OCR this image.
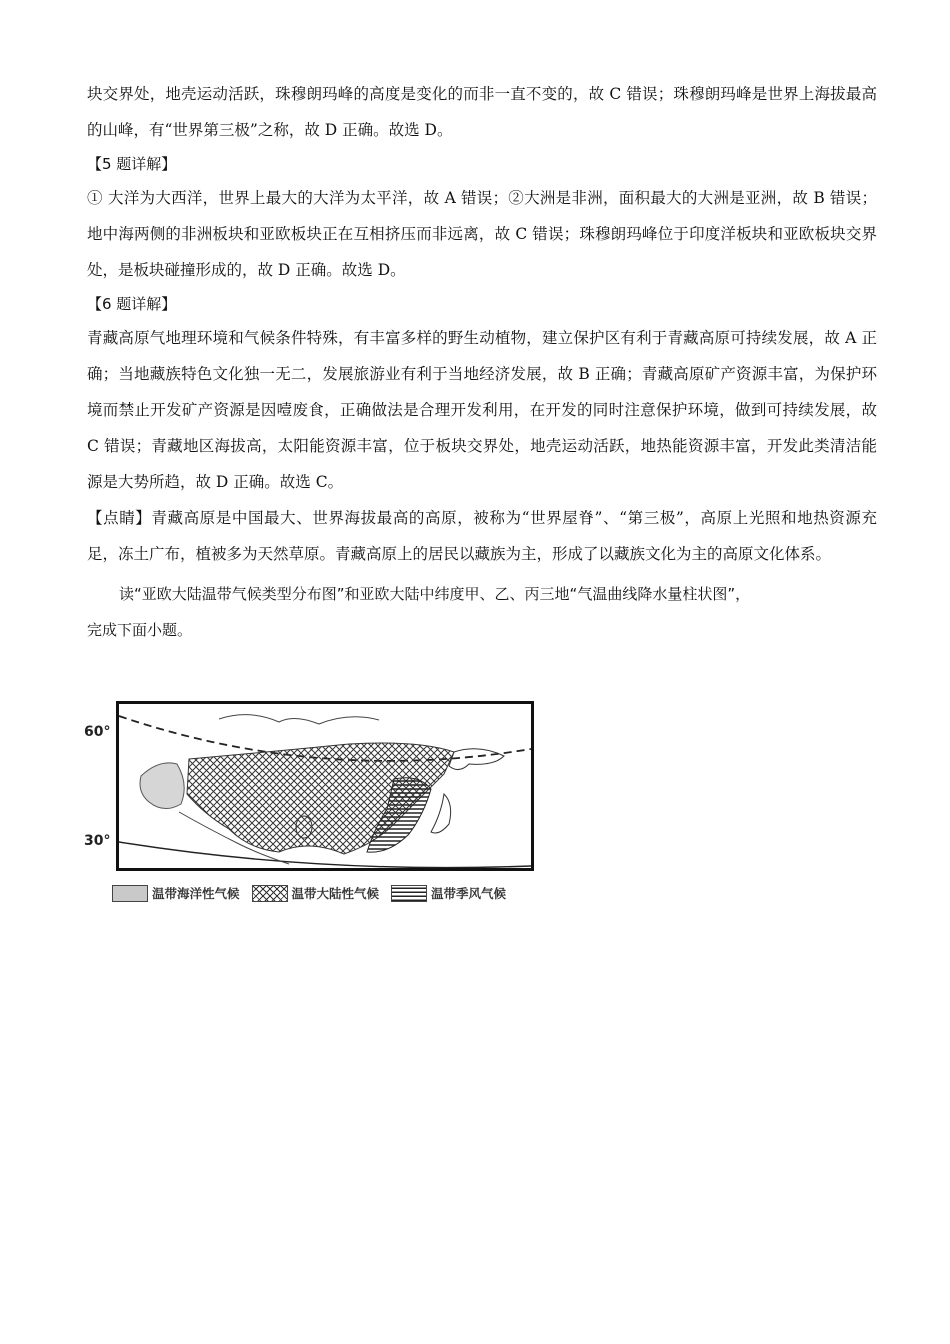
块交界处，地壳运动活跃，珠穆朗玛峰的高度是变化的而非一直不变的，故 C 错误；珠穆朗玛峰是世界上海拔最高的山峰，有“世界第三极”之称，故 D 正确。故选 D。

【5 题详解】

① 大洋为大西洋，世界上最大的大洋为太平洋，故 A 错误；②大洲是非洲，面积最大的大洲是亚洲，故 B 错误；地中海两侧的非洲板块和亚欧板块正在互相挤压而非远离，故 C 错误；珠穆朗玛峰位于印度洋板块和亚欧板块交界处，是板块碰撞形成的，故 D 正确。故选 D。

【6 题详解】

青藏高原气地理环境和气候条件特殊，有丰富多样的野生动植物，建立保护区有利于青藏高原可持续发展，故 A 正确；当地藏族特色文化独一无二，发展旅游业有利于当地经济发展，故 B 正确；青藏高原矿产资源丰富，为保护环境而禁止开发矿产资源是因噎废食，正确做法是合理开发利用，在开发的同时注意保护环境，做到可持续发展，故 C 错误；青藏地区海拔高，太阳能资源丰富，位于板块交界处，地壳运动活跃，地热能资源丰富，开发此类清洁能源是大势所趋，故 D 正确。故选 C。

【点睛】青藏高原是中国最大、世界海拔最高的高原，被称为“世界屋脊”、“第三极”，高原上光照和地热资源充足，冻土广布，植被多为天然草原。青藏高原上的居民以藏族为主，形成了以藏族文化为主的高原文化体系。

读“亚欧大陆温带气候类型分布图”和亚欧大陆中纬度甲、乙、丙三地“气温曲线降水量柱状图”，
完成下面小题。

60°
30°
温带海洋性气候	温带大陆性气候	温带季风气候
